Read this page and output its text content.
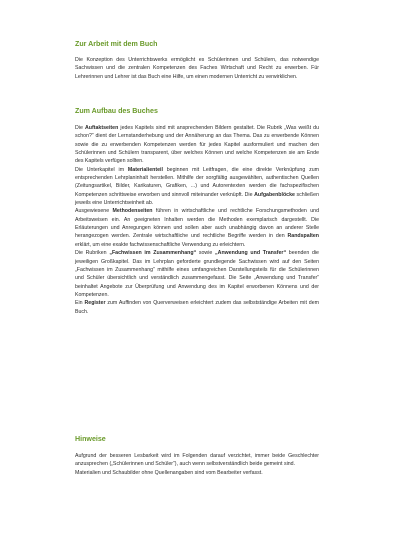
Zur Arbeit mit dem Buch

Die Konzeption des Unterrichtswerks ermöglicht es Schülerinnen und Schülern, das notwendige Sachwissen und die zentralen Kompetenzen des Faches Wirtschaft und Recht zu erwerben. Für Lehrerinnen und Lehrer ist das Buch eine Hilfe, um einen modernen Unterricht zu verwirklichen.

Zum Aufbau des Buches

Die Auftaktseiten jedes Kapitels sind mit ansprechenden Bildern gestaltet. Die Rubrik „Was weißt du schon?“ dient der Lernstanderhebung und der Annäherung an das Thema. Das zu erwerbende Können sowie die zu erwerbenden Kompetenzen werden für jedes Kapitel ausformuliert und machen den Schülerinnen und Schülern transparent, über welches Können und welche Kompetenzen sie am Ende des Kapitels verfügen sollten.

Die Unterkapitel im Materialienteil beginnen mit Leitfragen, die eine direkte Verknüpfung zum entsprechenden Lehrplaninhalt herstellen. Mithilfe der sorgfältig ausgewählten, authentischen Quellen (Zeitungsartikel, Bilder, Karikaturen, Grafiken, ...) und Autorentexten werden die fachspezifischen Kompetenzen schrittweise erworben und sinnvoll miteinander verknüpft. Die Aufgabenblöcke schließen jeweils eine Unterrichtseinheit ab.

Ausgewiesene Methodenseiten führen in wirtschaftliche und rechtliche Forschungsmethoden und Arbeitsweisen ein. An geeigneten Inhalten werden die Methoden exemplarisch dargestellt. Die Erläuterungen und Anregungen können und sollen aber auch unabhängig davon an anderer Stelle herangezogen werden. Zentrale wirtschaftliche und rechtliche Begriffe werden in den Randspalten erklärt, um eine exakte fachwissenschaftliche Verwendung zu erleichtern.

Die Rubriken „Fachwissen im Zusammenhang“ sowie „Anwendung und Transfer“ beenden die jeweiligen Großkapitel. Das im Lehrplan geforderte grundlegende Sachwissen wird auf den Seiten „Fachwissen im Zusammenhang“ mithilfe eines umfangreichen Darstellungsteils für die Schülerinnen und Schüler übersichtlich und verständlich zusammengefasst. Die Seite „Anwendung und Transfer“ beinhaltet Angebote zur Überprüfung und Anwendung des im Kapitel erworbenen Könnens und der Kompetenzen.

Ein Register zum Auffinden von Querverweisen erleichtert zudem das selbstständige Arbeiten mit dem Buch.

Hinweise

Aufgrund der besseren Lesbarkeit wird im Folgenden darauf verzichtet, immer beide Geschlechter anzusprechen („Schülerinnen und Schüler“), auch wenn selbstverständlich beide gemeint sind.

Materialien und Schaubilder ohne Quellenangaben sind vom Bearbeiter verfasst.
